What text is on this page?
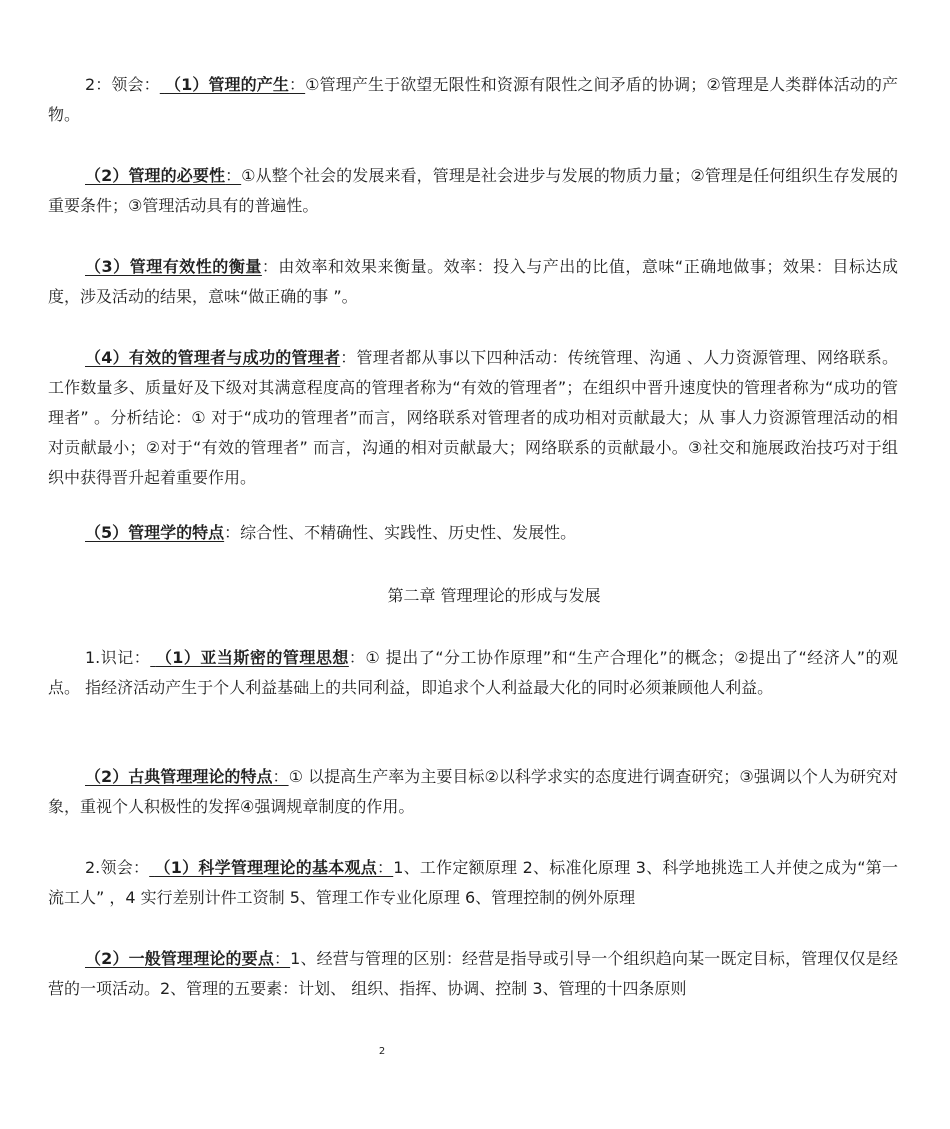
2：领会： （1）管理的产生：①管理产生于欲望无限性和资源有限性之间矛盾的协调；②管理是人类群体活动的产物。

（2）管理的必要性：①从整个社会的发展来看，管理是社会进步与发展的物质力量；②管理是任何组织生存发展的重要条件；③管理活动具有的普遍性。

（3）管理有效性的衡量：由效率和效果来衡量。效率：投入与产出的比值，意味“正确地做事；效果：目标达成度，涉及活动的结果，意味“做正确的事 ”。

（4）有效的管理者与成功的管理者：管理者都从事以下四种活动：传统管理、沟通 、人力资源管理、网络联系。工作数量多、质量好及下级对其满意程度高的管理者称为“有效的管理者”；在组织中晋升速度快的管理者称为“成功的管理者” 。分析结论：① 对于“成功的管理者”而言，网络联系对管理者的成功相对贡献最大；从 事人力资源管理活动的相对贡献最小；②对于“有效的管理者” 而言，沟通的相对贡献最大；网络联系的贡献最小。③社交和施展政治技巧对于组织中获得晋升起着重要作用。

（5）管理学的特点：综合性、不精确性、实践性、历史性、发展性。

第二章 管理理论的形成与发展

1.识记： （1）亚当斯密的管理思想：① 提出了“分工协作原理”和“生产合理化”的概念；②提出了“经济人”的观点。 指经济活动产生于个人利益基础上的共同利益，即追求个人利益最大化的同时必须兼顾他人利益。

（2）古典管理理论的特点：① 以提高生产率为主要目标②以科学求实的态度进行调查研究；③强调以个人为研究对象，重视个人积极性的发挥④强调规章制度的作用。

2.领会： （1）科学管理理论的基本观点：1、工作定额原理 2、标准化原理 3、科学地挑选工人并使之成为“第一流工人” ，4 实行差别计件工资制 5、管理工作专业化原理 6、管理控制的例外原理

（2）一般管理理论的要点：1、经营与管理的区别：经营是指导或引导一个组织趋向某一既定目标，管理仅仅是经营的一项活动。2、管理的五要素：计划、 组织、指挥、协调、控制 3、管理的十四条原则

2
